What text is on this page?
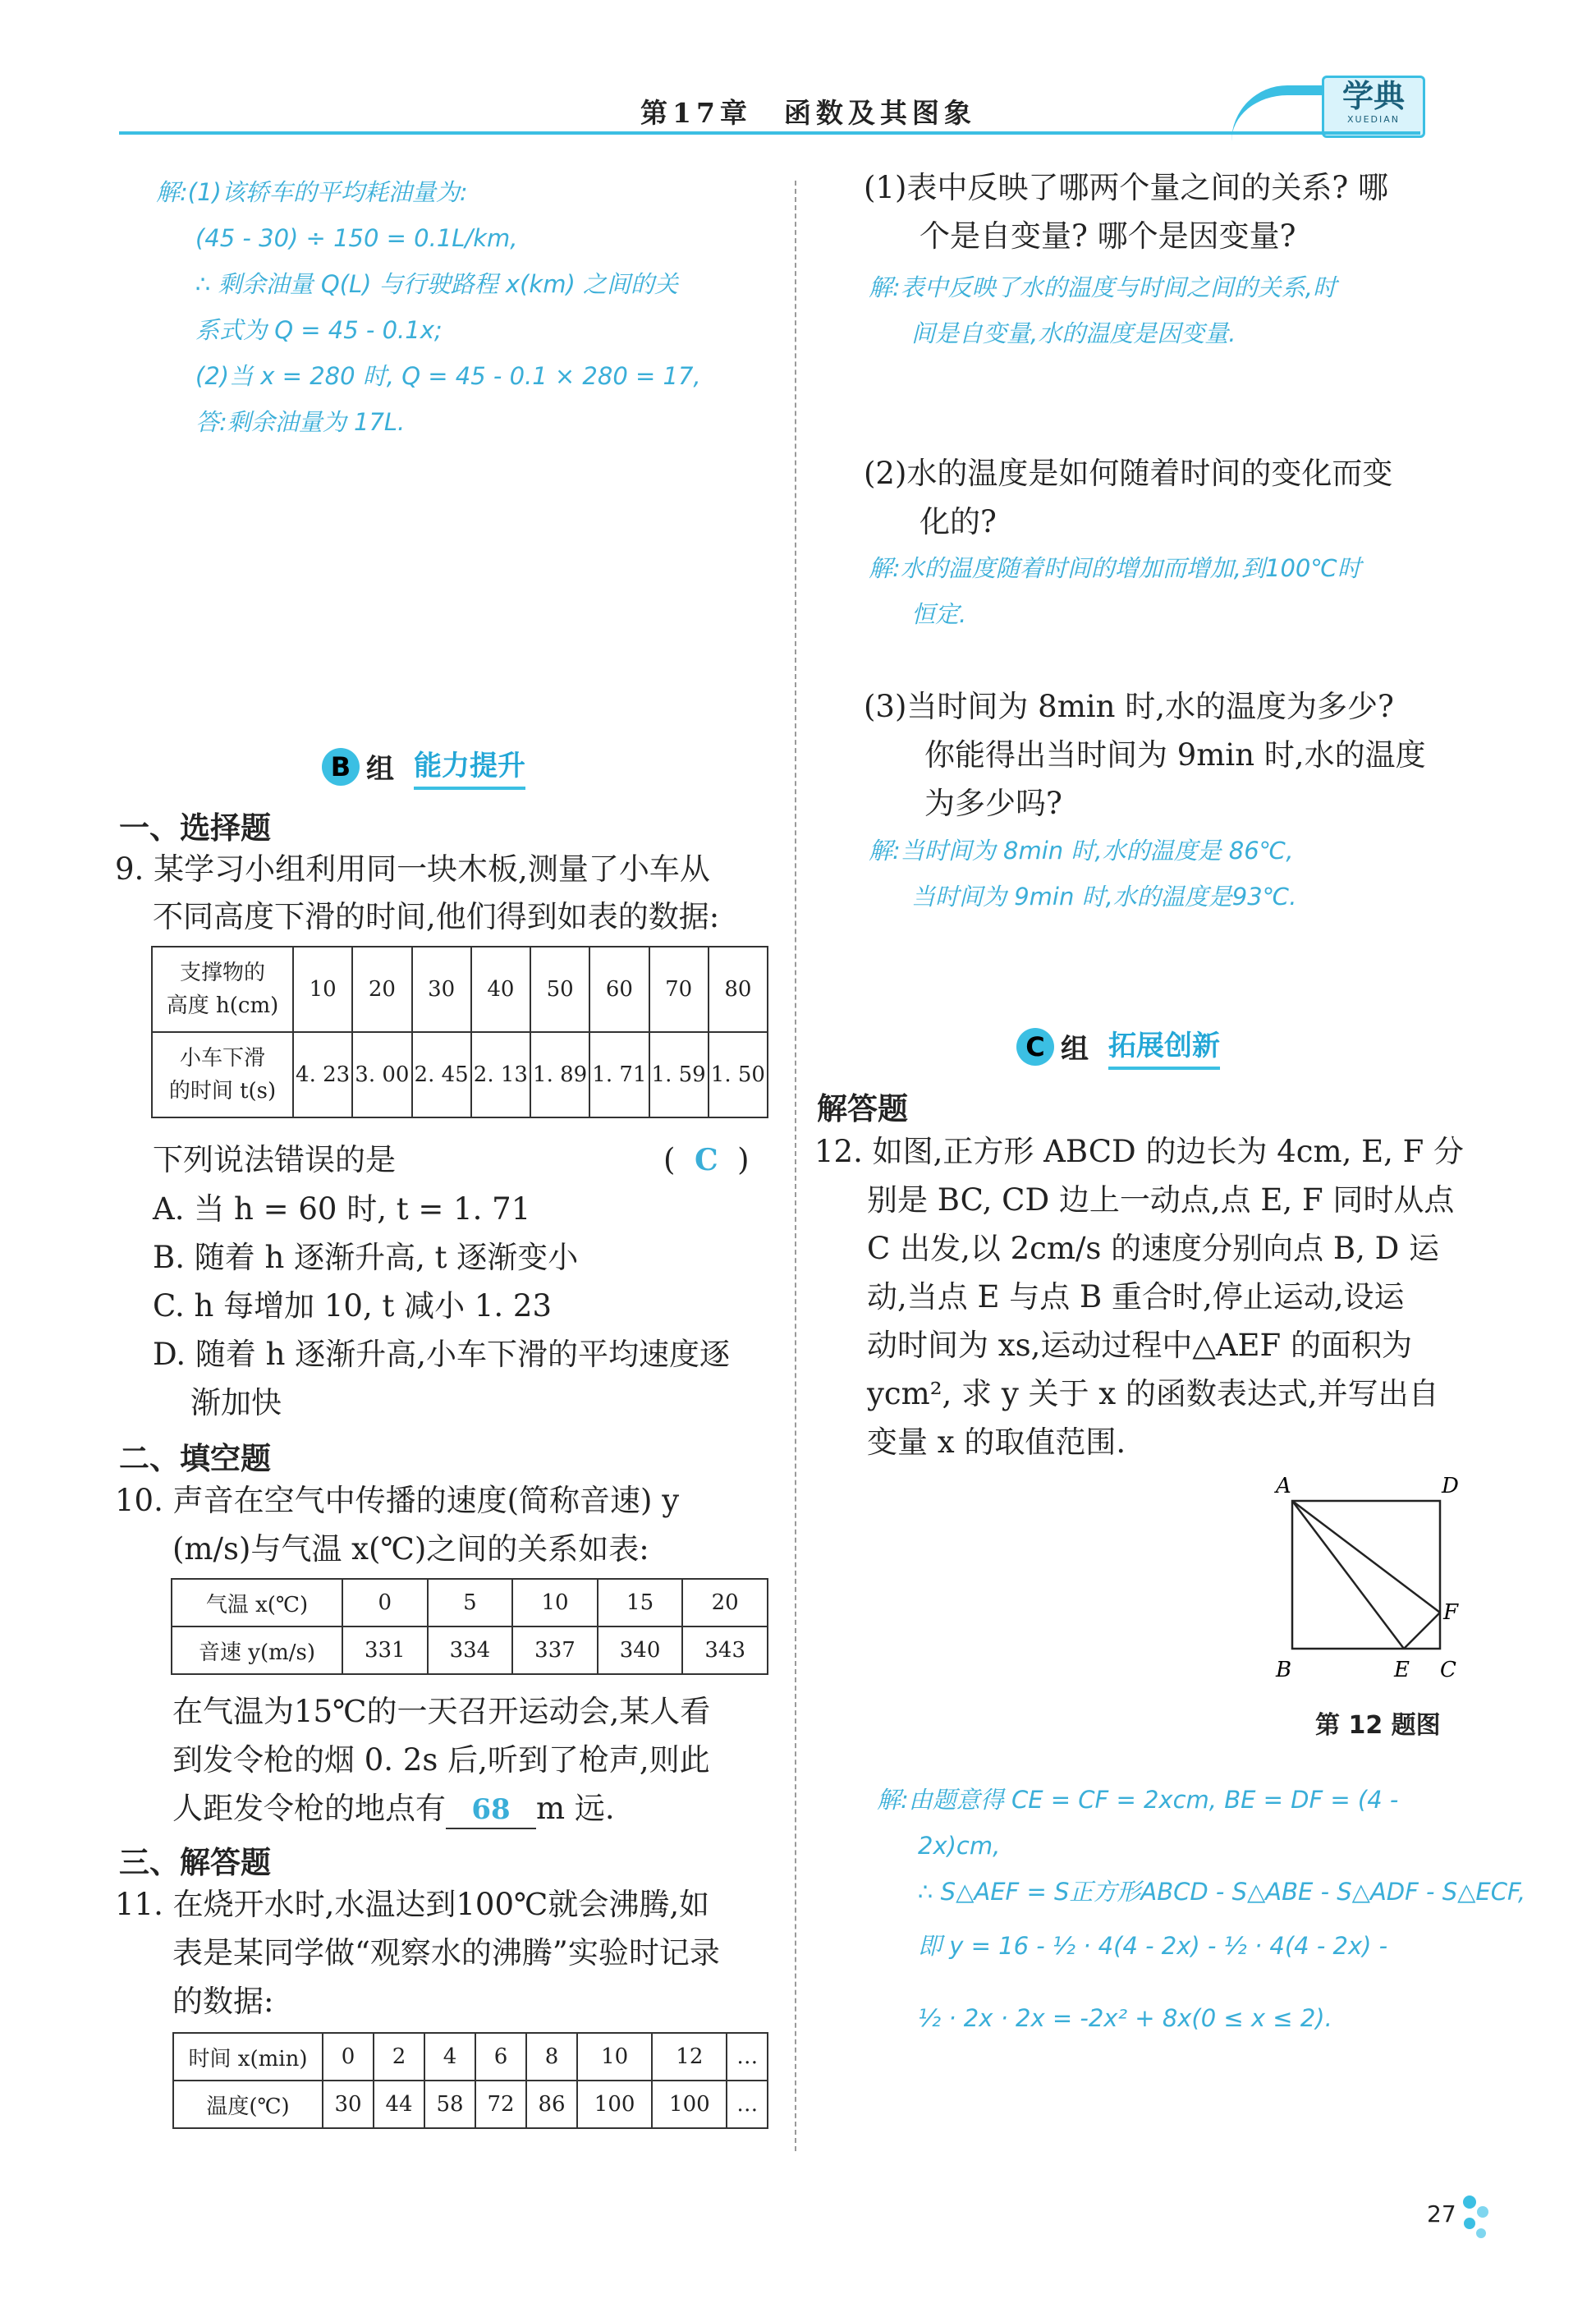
第17章　函数及其图象	学典
XUEDIAN
解:(1)该轿车的平均耗油量为:
(45 - 30) ÷ 150 = 0.1L/km,
∴ 剩余油量 Q(L) 与行驶路程 x(km) 之间的关
系式为 Q = 45 - 0.1x;
(2)当 x = 280 时, Q = 45 - 0.1 × 280 = 17,
答:剩余油量为 17L.
B 组 能力提升
一、选择题
9. 某学习小组利用同一块木板,测量了小车从
不同高度下滑的时间,他们得到如表的数据:
支撑物的
高度 h(cm)	10	20	30	40	50	60	70	80

小车下滑
的时间 t(s)	4. 23	3. 00	2. 45	2. 13	1. 89	1. 71	1. 59	1. 50
下列说法错误的是	(  C  )
A. 当 h = 60 时, t = 1. 71
B. 随着 h 逐渐升高, t 逐渐变小
C. h 每增加 10, t 减小 1. 23
D. 随着 h 逐渐升高,小车下滑的平均速度逐
渐加快
二、填空题
10. 声音在空气中传播的速度(简称音速) y
(m/s)与气温 x(℃)之间的关系如表:
气温 x(℃)	0	5	10	15	20
音速 y(m/s)	331	334	337	340	343
在气温为15℃的一天召开运动会,某人看
到发令枪的烟 0. 2s 后,听到了枪声,则此
人距发令枪的地点有 68 m 远.
三、解答题
11. 在烧开水时,水温达到100℃就会沸腾,如
表是某同学做“观察水的沸腾”实验时记录
的数据:
时间 x(min)	0	2	4	6	8	10	12	…
温度(℃)	30	44	58	72	86	100	100	…
(1)表中反映了哪两个量之间的关系? 哪
个是自变量? 哪个是因变量?
解:表中反映了水的温度与时间之间的关系,时
间是自变量,水的温度是因变量.
(2)水的温度是如何随着时间的变化而变
化的?
解:水的温度随着时间的增加而增加,到100℃时
恒定.
(3)当时间为 8min 时,水的温度为多少?
你能得出当时间为 9min 时,水的温度
为多少吗?
解:当时间为 8min 时,水的温度是 86℃,
当时间为 9min 时,水的温度是93℃.
C 组 拓展创新
解答题
12. 如图,正方形 ABCD 的边长为 4cm, E, F 分
别是 BC, CD 边上一动点,点 E, F 同时从点
C 出发,以 2cm/s 的速度分别向点 B, D 运
动,当点 E 与点 B 重合时,停止运动,设运
动时间为 xs,运动过程中△AEF 的面积为
ycm², 求 y 关于 x 的函数表达式,并写出自
变量 x 的取值范围.
A	D
B	E C
F
第 12 题图
解:由题意得 CE = CF = 2xcm, BE = DF = (4 -
2x)cm,
∴ S△AEF = S正方形ABCD - S△ABE - S△ADF - S△ECF,
即 y = 16 - ½ · 4(4 - 2x) - ½ · 4(4 - 2x) -
½ · 2x · 2x = -2x² + 8x(0 ≤ x ≤ 2).
27
